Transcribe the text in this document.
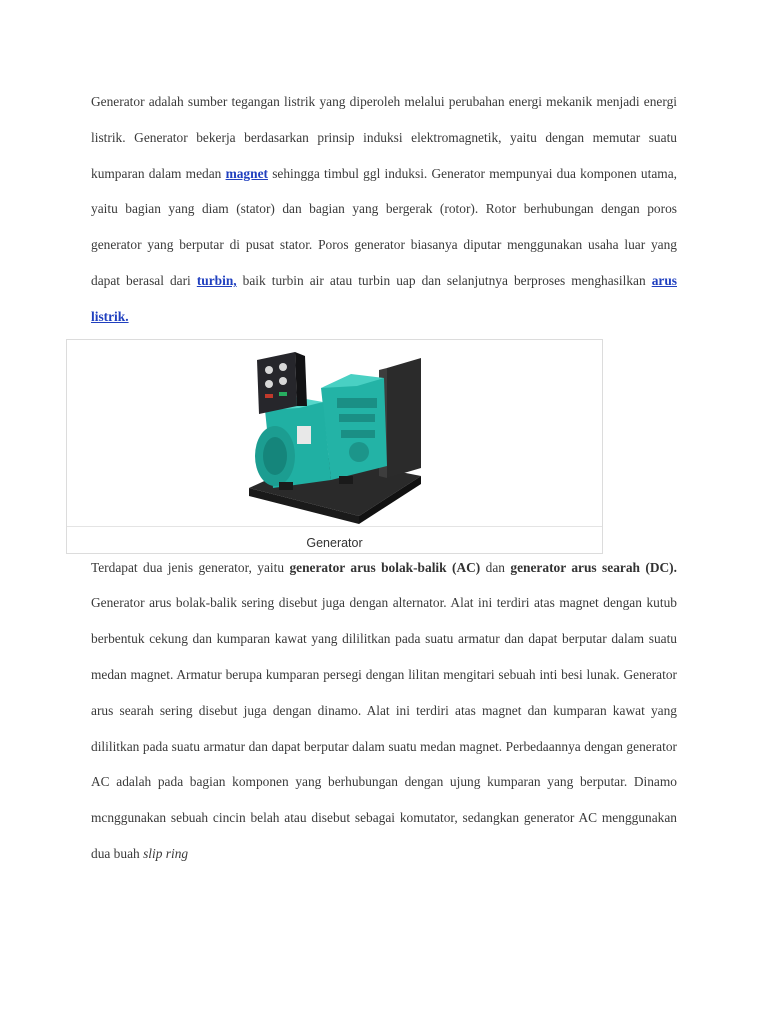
Generator adalah sumber tegangan listrik yang diperoleh melalui perubahan energi mekanik menjadi energi listrik. Generator bekerja berdasarkan prinsip induksi elektromagnetik, yaitu dengan memutar suatu kumparan dalam medan magnet sehingga timbul ggl induksi. Generator mempunyai dua komponen utama, yaitu bagian yang diam (stator) dan bagian yang bergerak (rotor). Rotor berhubungan dengan poros generator yang berputar di pusat stator. Poros generator biasanya diputar menggunakan usaha luar yang dapat berasal dari turbin, baik turbin air atau turbin uap dan selanjutnya berproses menghasilkan arus listrik.

Generator

Terdapat dua jenis generator, yaitu generator arus bolak-balik (AC) dan generator arus searah (DC). Generator arus bolak-balik sering disebut juga dengan alternator. Alat ini terdiri atas magnet dengan kutub berbentuk cekung dan kumparan kawat yang dililitkan pada suatu armatur dan dapat berputar dalam suatu medan magnet. Armatur berupa kumparan persegi dengan lilitan mengitari sebuah inti besi lunak. Generator arus searah sering disebut juga dengan dinamo. Alat ini terdiri atas magnet dan kumparan kawat yang dililitkan pada suatu armatur dan dapat berputar dalam suatu medan magnet. Perbedaannya dengan generator AC adalah pada bagian komponen yang berhubungan dengan ujung kumparan yang berputar. Dinamo mcnggunakan sebuah cincin belah atau disebut sebagai komutator, sedangkan generator AC menggunakan dua buah slip ring
